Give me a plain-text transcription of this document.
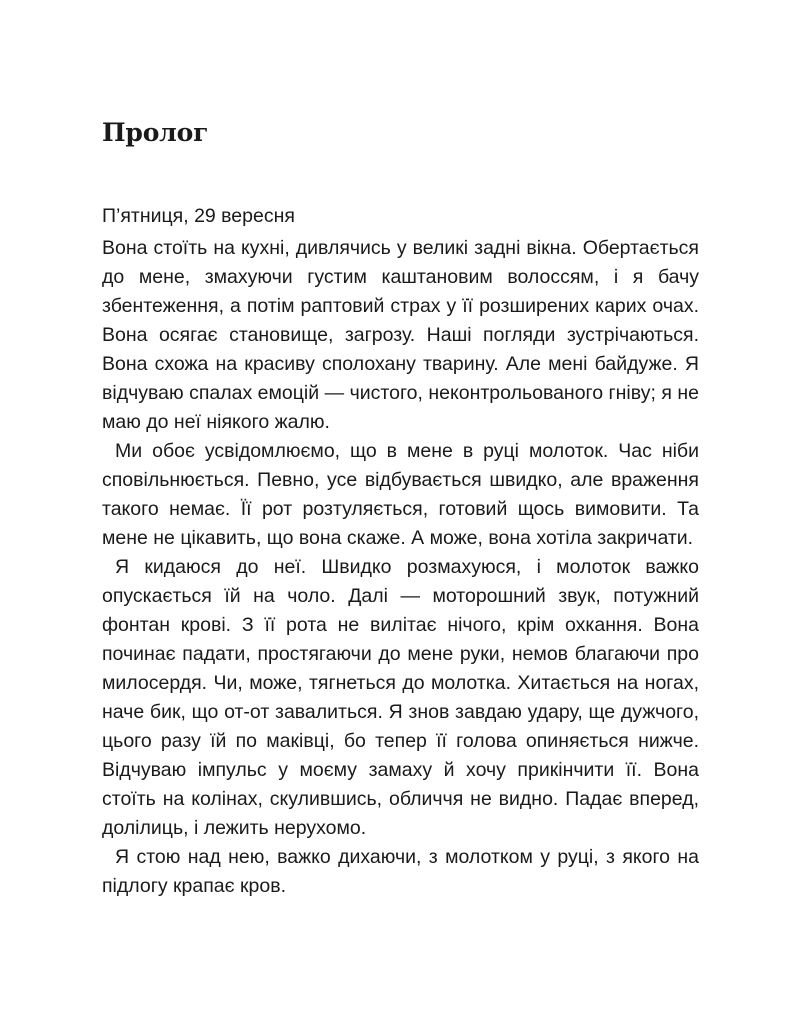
Пролог

П’ятниця, 29 вересня

Вона стоїть на кухні, дивлячись у великі задні вікна. Обертається до мене, змахуючи густим каштановим волоссям, і я бачу збентеження, а потім раптовий страх у її розширених карих очах. Вона осягає становище, загрозу. Наші погляди зустрічаються. Вона схожа на красиву сполохану тварину. Але мені байдуже. Я відчуваю спалах емоцій — чистого, неконтрольованого гніву; я не маю до неї ніякого жалю.

Ми обоє усвідомлюємо, що в мене в руці молоток. Час ніби сповільнюється. Певно, усе відбувається швидко, але враження такого немає. Її рот розтуляється, готовий щось вимовити. Та мене не цікавить, що вона скаже. А може, вона хотіла закричати.

Я кидаюся до неї. Швидко розмахуюся, і молоток важко опускається їй на чоло. Далі — моторошний звук, потужний фонтан крові. З її рота не вилітає нічого, крім охкання. Вона починає падати, простягаючи до мене руки, немов благаючи про милосердя. Чи, може, тягнеться до молотка. Хитається на ногах, наче бик, що от-от завалиться. Я знов завдаю удару, ще дужчого, цього разу їй по маківці, бо тепер її голова опиняється нижче. Відчуваю імпульс у моєму замаху й хочу прикінчити її. Вона стоїть на колінах, скулившись, обличчя не видно. Падає вперед, долілиць, і лежить нерухомо.

Я стою над нею, важко дихаючи, з молотком у руці, з якого на підлогу крапає кров.
